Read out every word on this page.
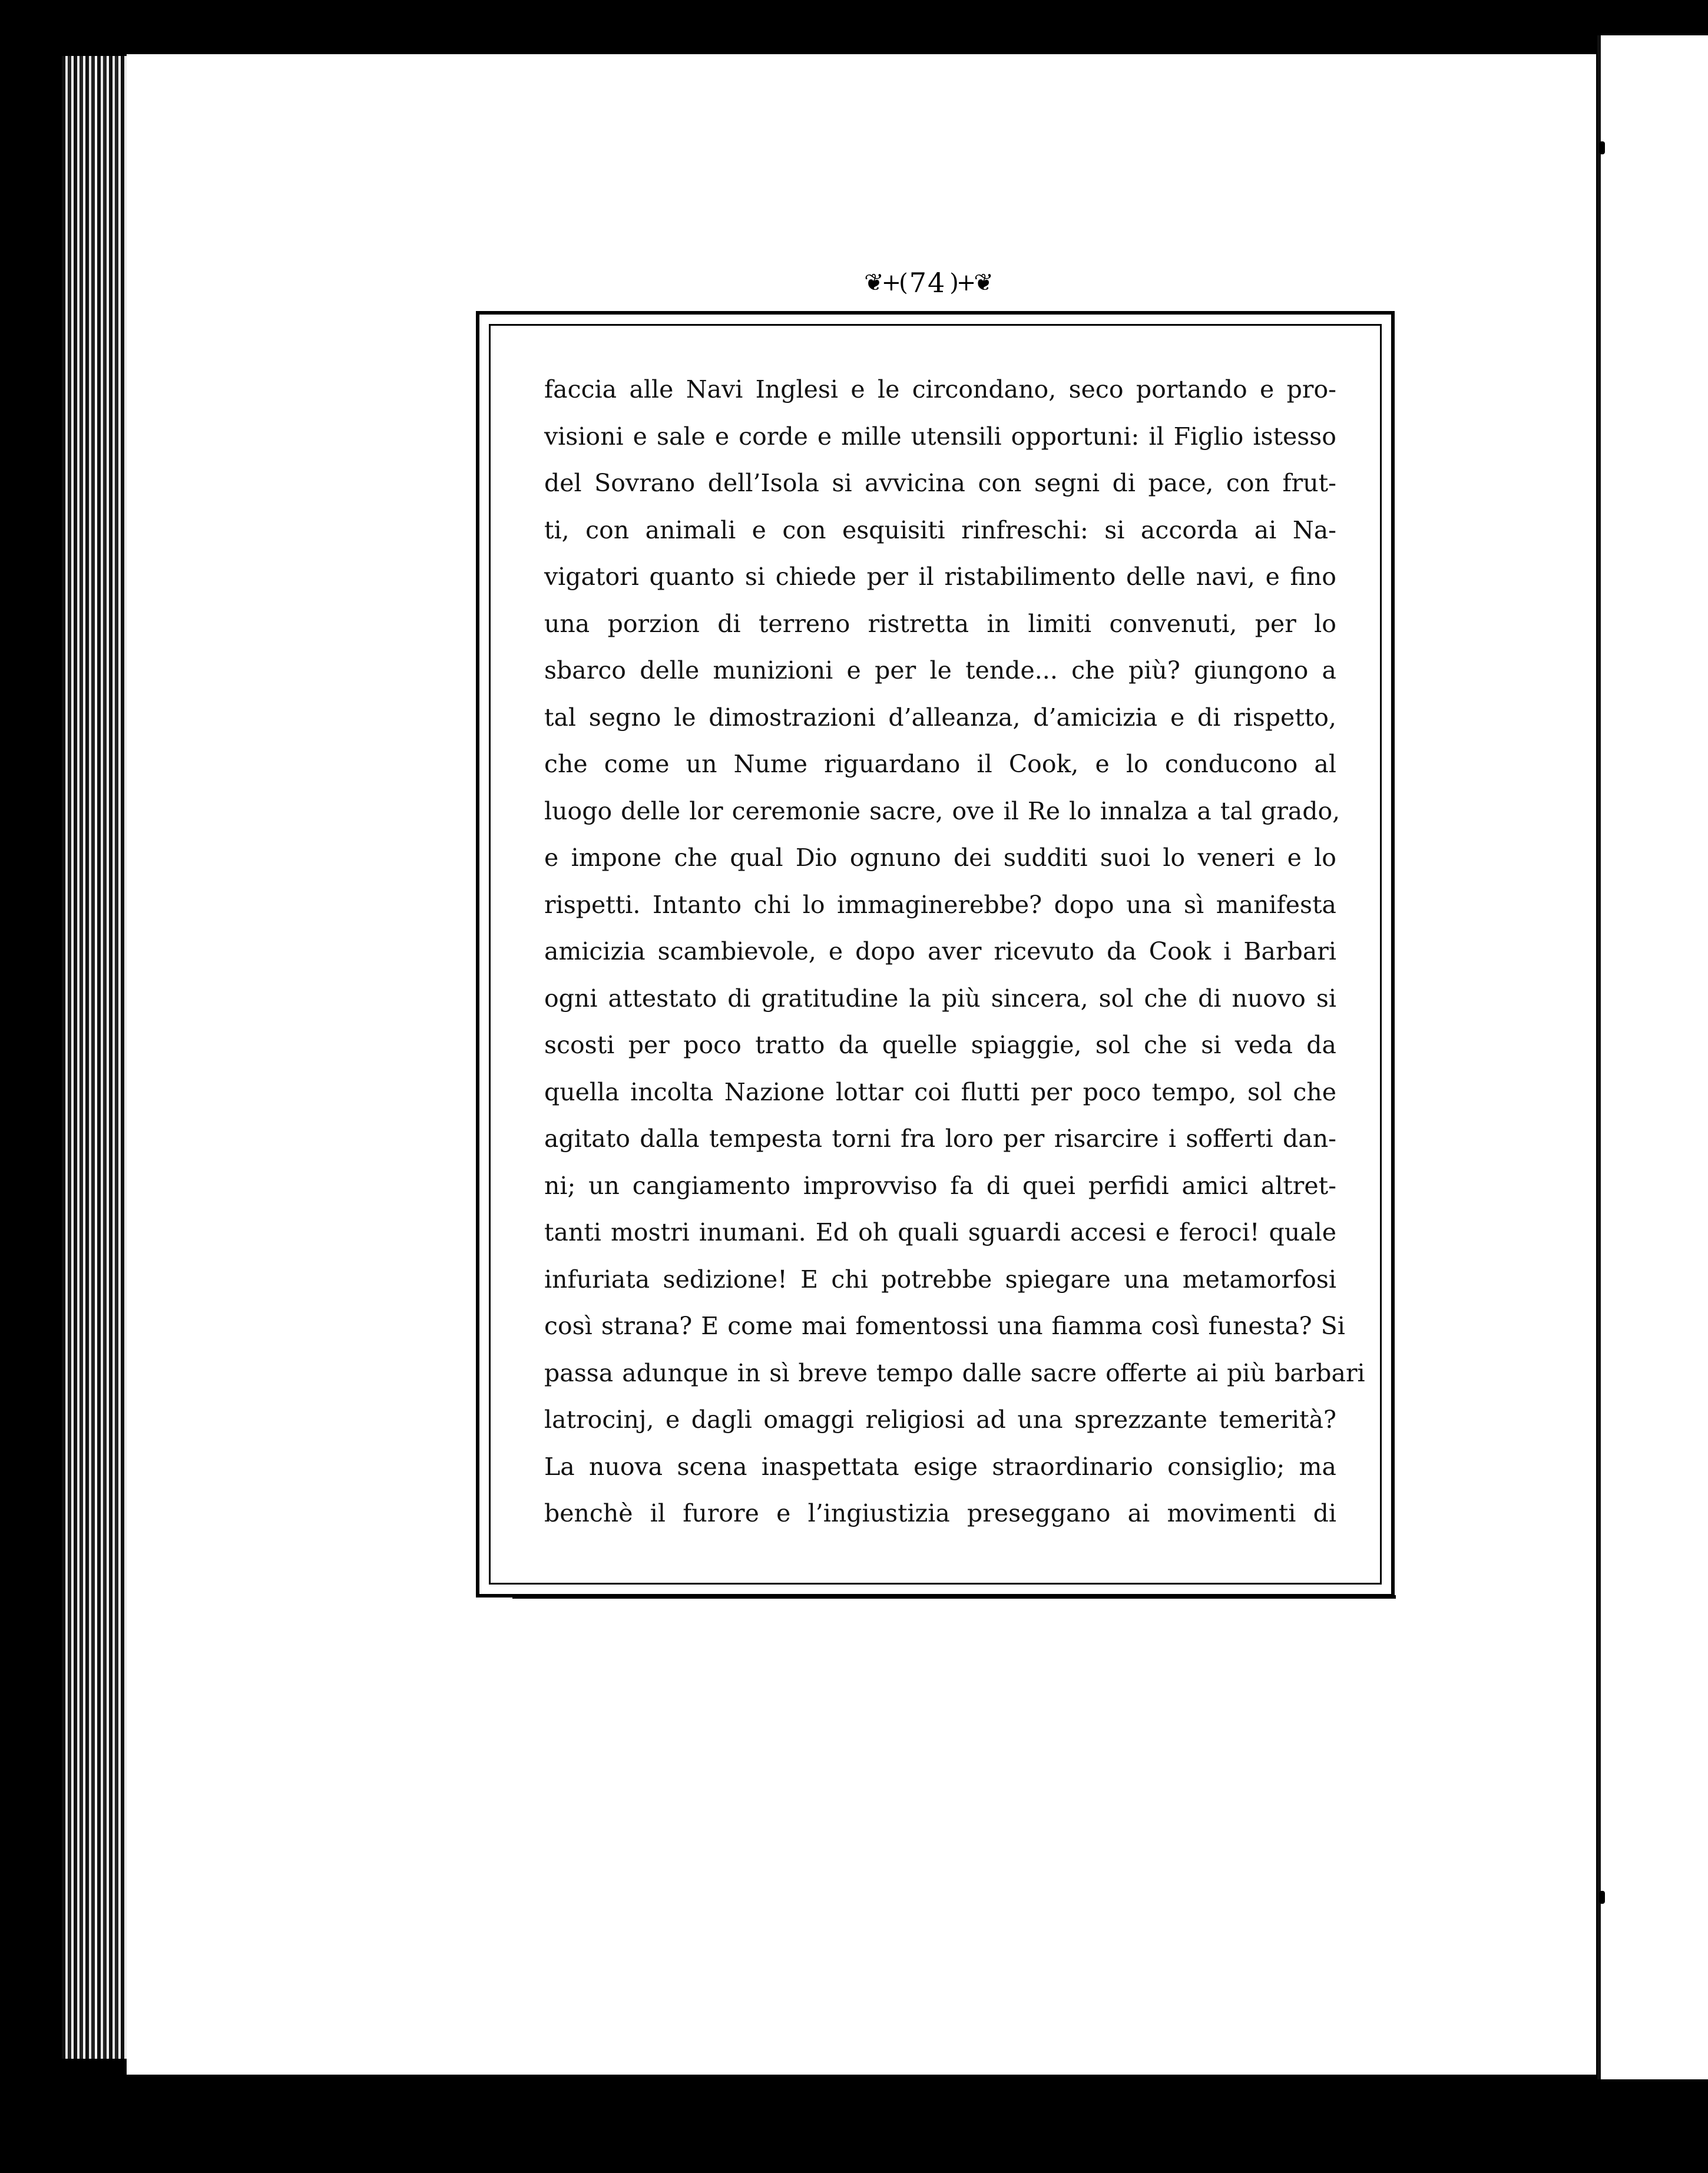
❦+( 74 )+❦
faccia alle Navi Inglesi e le circondano, seco portando e pro-
visioni e sale e corde e mille utensili opportuni: il Figlio istesso
del Sovrano dell’Isola si avvicina con segni di pace, con frut-
ti, con animali e con esquisiti rinfreschi: si accorda ai Na-
vigatori quanto si chiede per il ristabilimento delle navi, e fino
una porzion di terreno ristretta in limiti convenuti, per lo
sbarco delle munizioni e per le tende... che più? giungono a
tal segno le dimostrazioni d’alleanza, d’amicizia e di rispetto,
che come un Nume riguardano il Cook, e lo conducono al
luogo delle lor ceremonie sacre, ove il Re lo innalza a tal grado,
e impone che qual Dio ognuno dei sudditi suoi lo veneri e lo
rispetti. Intanto chi lo immaginerebbe? dopo una sì manifesta
amicizia scambievole, e dopo aver ricevuto da Cook i Barbari
ogni attestato di gratitudine la più sincera, sol che di nuovo si
scosti per poco tratto da quelle spiaggie, sol che si veda da
quella incolta Nazione lottar coi flutti per poco tempo, sol che
agitato dalla tempesta torni fra loro per risarcire i sofferti dan-
ni; un cangiamento improvviso fa di quei perfidi amici altret-
tanti mostri inumani. Ed oh quali sguardi accesi e feroci! quale
infuriata sedizione! E chi potrebbe spiegare una metamorfosi
così strana? E come mai fomentossi una fiamma così funesta? Si
passa adunque in sì breve tempo dalle sacre offerte ai più barbari
latrocinj, e dagli omaggi religiosi ad una sprezzante temerità?
La nuova scena inaspettata esige straordinario consiglio; ma
benchè il furore e l’ingiustizia preseggano ai movimenti di
